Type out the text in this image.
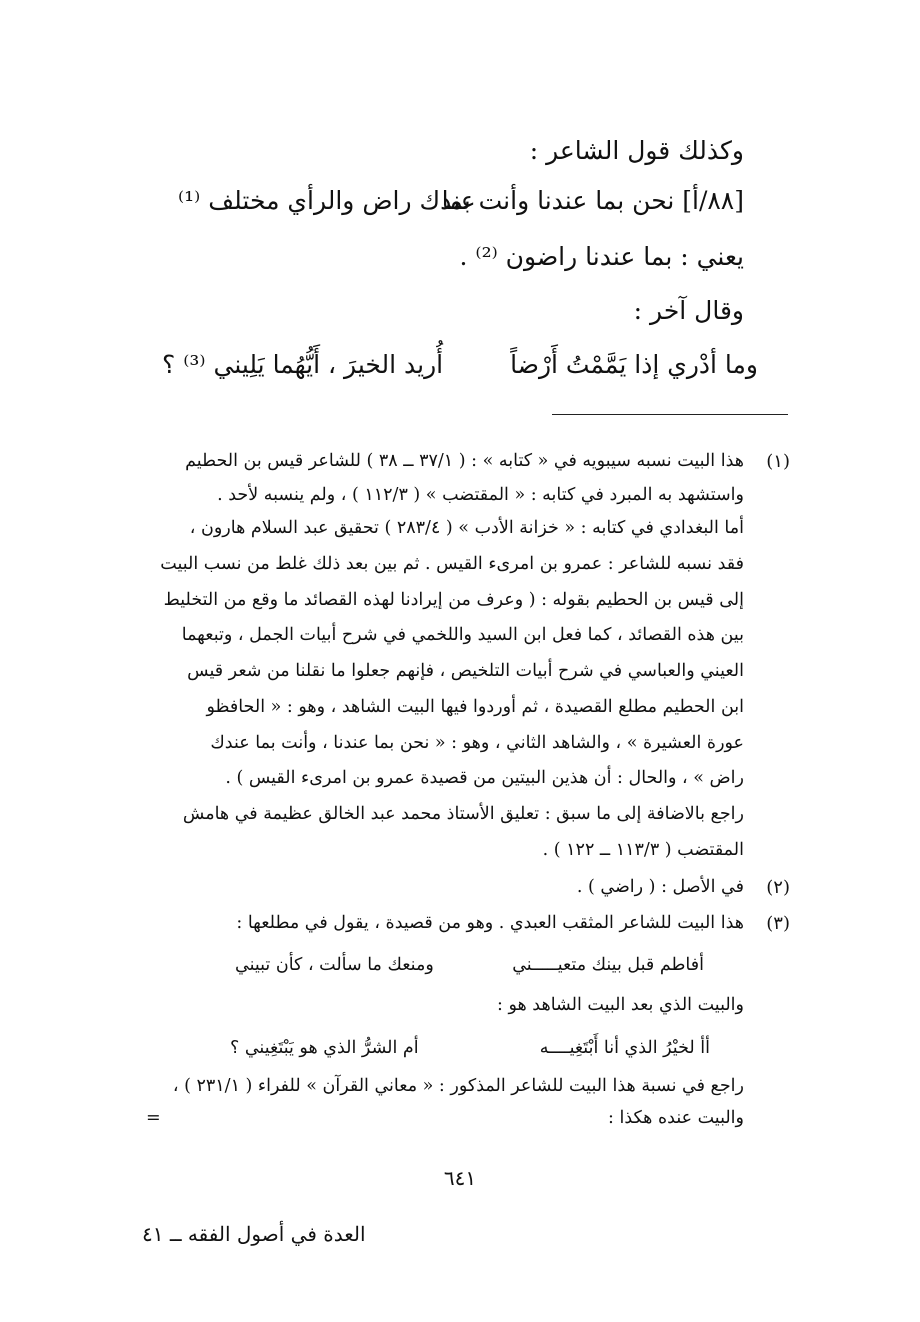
وكذلك قول الشاعر :
[٨٨/أ] نحن بما عندنا وأنت بما
عندك راض والرأي مختلف ⁽¹⁾
يعني : بما عندنا راضون ⁽²⁾ .
وقال آخر :
وما أدْري إذا يَمَّمْتُ أَرْضاً
أُريد الخيرَ ، أَيُّهُما يَلِيني ⁽³⁾ ؟
(١)
هذا البيت نسبه سيبويه في « كتابه » : ( ٣٧/١ ــ ٣٨ ) للشاعر قيس بن الحطيم
واستشهد به المبرد في كتابه : « المقتضب » ( ١١٢/٣ ) ، ولم ينسبه لأحد .
أما البغدادي في كتابه : « خزانة الأدب » ( ٢٨٣/٤ ) تحقيق عبد السلام هارون ،
فقد نسبه للشاعر : عمرو بن امرىء القيس . ثم بين بعد ذلك غلط من نسب البيت
إلى قيس بن الحطيم بقوله : ( وعرف من إيرادنا لهذه القصائد ما وقع من التخليط
بين هذه القصائد ، كما فعل ابن السيد واللخمي في شرح أبيات الجمل ، وتبعهما
العيني والعباسي في شرح أبيات التلخيص ، فإنهم جعلوا ما نقلنا من شعر قيس
ابن الحطيم مطلع القصيدة ، ثم أوردوا فيها البيت الشاهد ، وهو : « الحافظو
عورة العشيرة » ، والشاهد الثاني ، وهو : « نحن بما عندنا ، وأنت بما عندك
راض » ، والحال : أن هذين البيتين من قصيدة عمرو بن امرىء القيس ) .
راجع بالاضافة إلى ما سبق : تعليق الأستاذ محمد عبد الخالق عظيمة في هامش
المقتضب ( ١١٣/٣ ــ ١٢٢ ) .
(٢)
في الأصل : ( راضي ) .
(٣)
هذا البيت للشاعر المثقب العبدي . وهو من قصيدة ، يقول في مطلعها :
أفاطم قبل بينك متعيـــــني
ومنعك ما سألت ، كأن تبيني
والبيت الذي بعد البيت الشاهد هو :
أأ لخيْرُ الذي أنا أَبْتَغِيــــه
أم الشرُّ الذي هو يَبْتَغِيني ؟
راجع في نسبة هذا البيت للشاعر المذكور : « معاني القرآن » للفراء ( ٢٣١/١ ) ،
والبيت عنده هكذا :
=
٦٤١
العدة في أصول الفقه ــ ٤١
